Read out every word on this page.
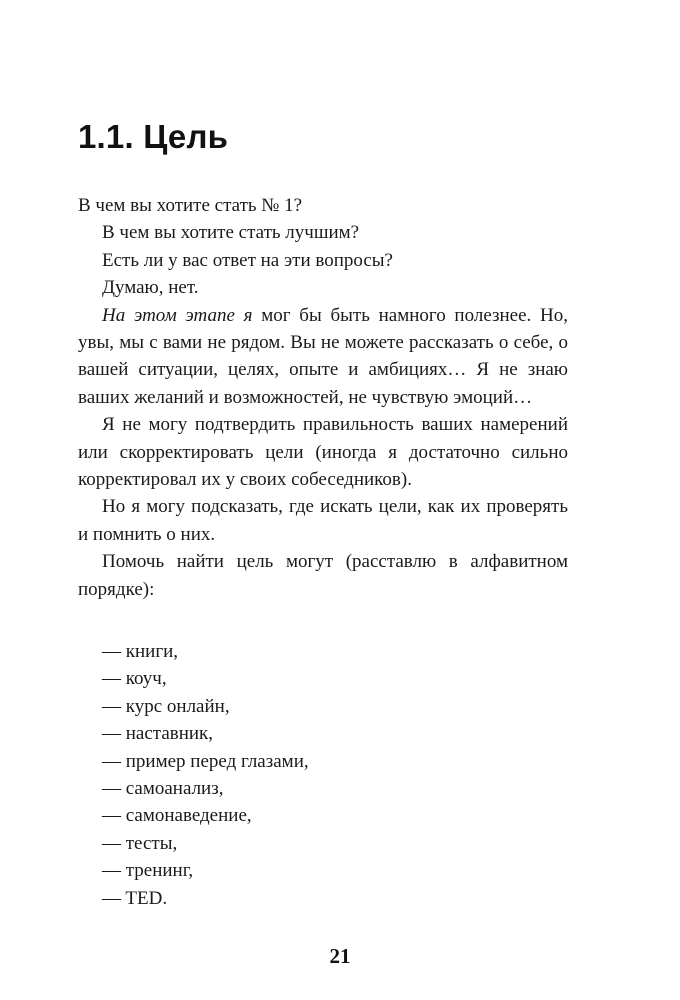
1.1. Цель

В чем вы хотите стать № 1?

В чем вы хотите стать лучшим?

Есть ли у вас ответ на эти вопросы?

Думаю, нет.

На этом этапе я мог бы быть намного полезнее. Но, увы, мы с вами не рядом. Вы не можете рассказать о себе, о вашей ситуации, целях, опыте и амбициях… Я не знаю ваших желаний и возможностей, не чувствую эмоций…

Я не могу подтвердить правильность ваших намерений или скорректировать цели (иногда я достаточно сильно корректировал их у своих собеседников).

Но я могу подсказать, где искать цели, как их проверять и помнить о них.

Помочь найти цель могут (расставлю в алфавитном порядке):

— книги,
— коуч,
— курс онлайн,
— наставник,
— пример перед глазами,
— самоанализ,
— самонаведение,
— тесты,
— тренинг,
— TED.
21
